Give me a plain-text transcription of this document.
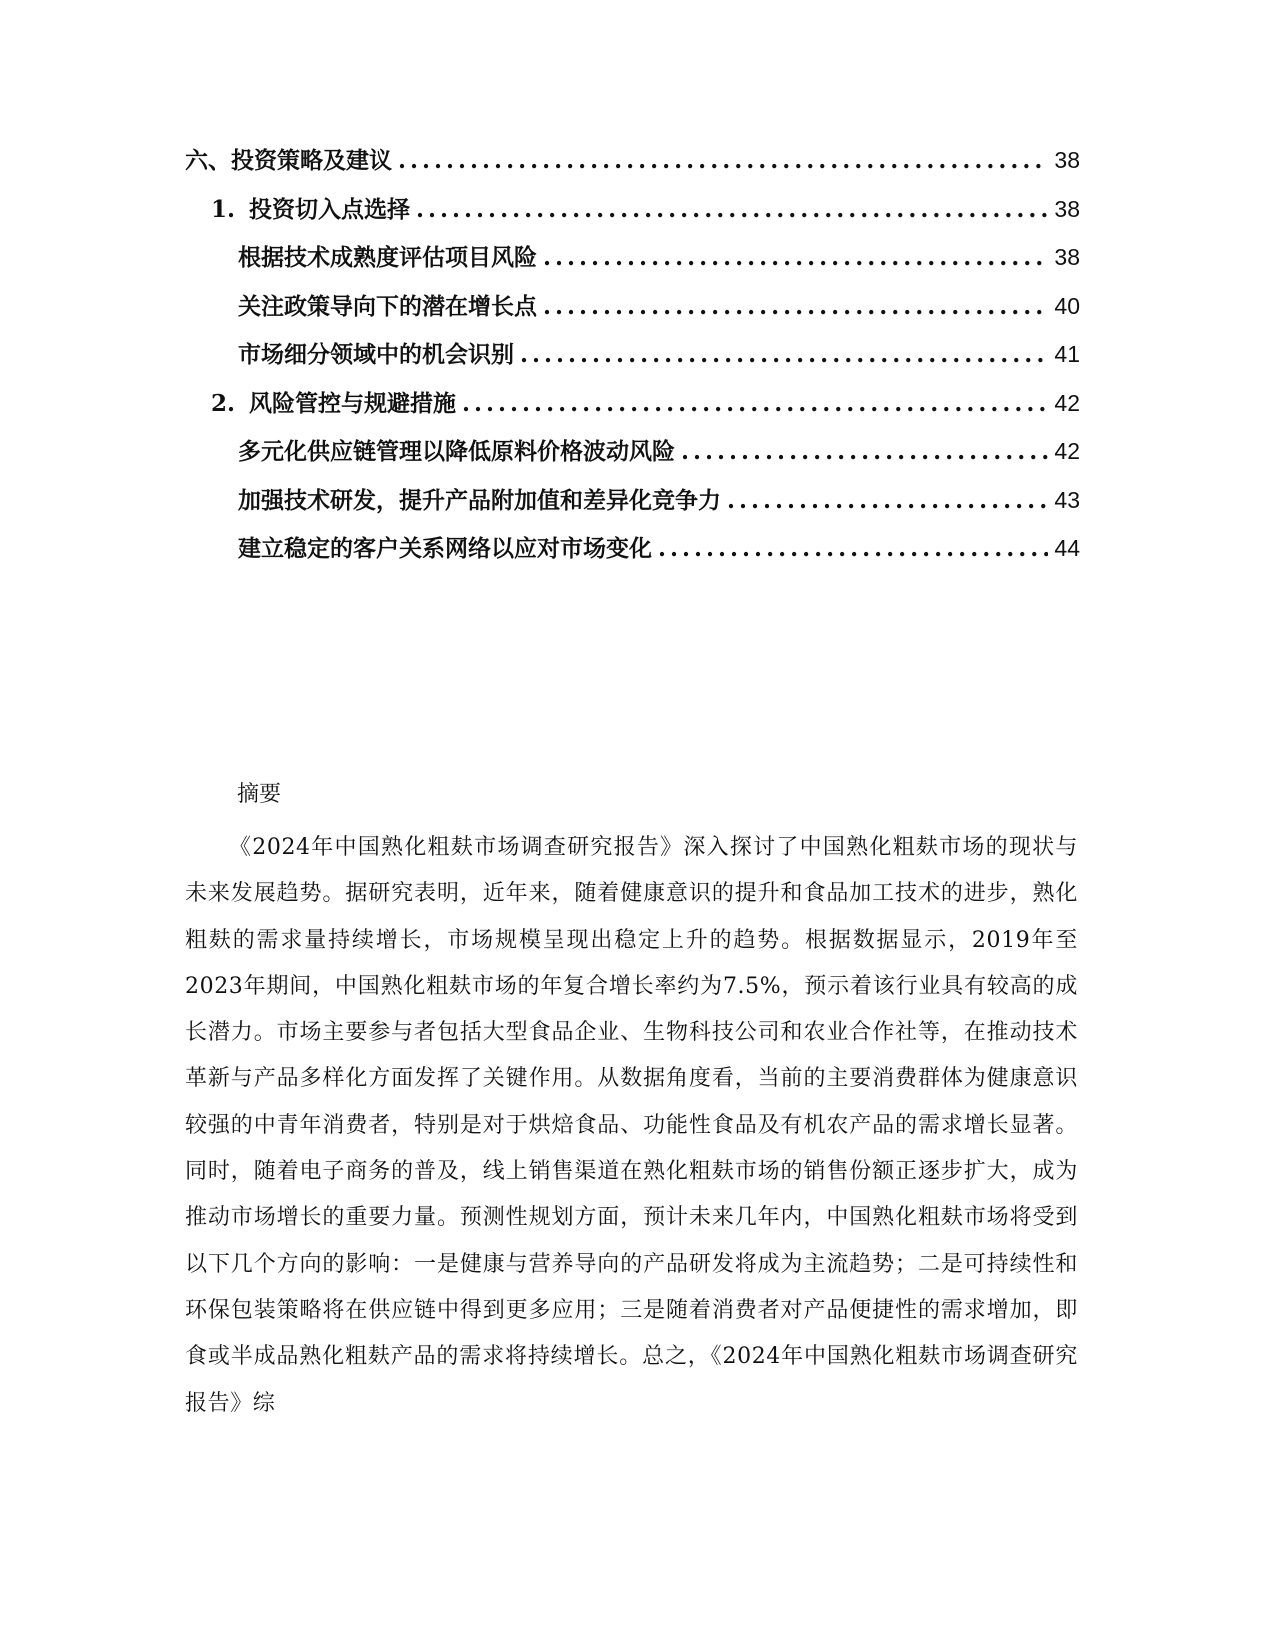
六、投资策略及建议 .....	38
1. 投资切入点选择 .....	38
根据技术成熟度评估项目风险 .....	38
关注政策导向下的潜在增长点 .....	40
市场细分领域中的机会识别 .....	41
2. 风险管控与规避措施 .....	42
多元化供应链管理以降低原料价格波动风险 .....	42
加强技术研发，提升产品附加值和差异化竞争力 .....	43
建立稳定的客户关系网络以应对市场变化 .....	44
摘要

《2024年中国熟化粗麸市场调查研究报告》深入探讨了中国熟化粗麸市场的现状与未来发展趋势。据研究表明，近年来，随着健康意识的提升和食品加工技术的进步，熟化粗麸的需求量持续增长，市场规模呈现出稳定上升的趋势。根据数据显示，2019年至2023年期间，中国熟化粗麸市场的年复合增长率约为7.5%，预示着该行业具有较高的成长潜力。市场主要参与者包括大型食品企业、生物科技公司和农业合作社等，在推动技术革新与产品多样化方面发挥了关键作用。从数据角度看，当前的主要消费群体为健康意识较强的中青年消费者，特别是对于烘焙食品、功能性食品及有机农产品的需求增长显著。同时，随着电子商务的普及，线上销售渠道在熟化粗麸市场的销售份额正逐步扩大，成为推动市场增长的重要力量。预测性规划方面，预计未来几年内，中国熟化粗麸市场将受到以下几个方向的影响：一是健康与营养导向的产品研发将成为主流趋势；二是可持续性和环保包装策略将在供应链中得到更多应用；三是随着消费者对产品便捷性的需求增加，即食或半成品熟化粗麸产品的需求将持续增长。总之，《2024年中国熟化粗麸市场调查研究报告》综
